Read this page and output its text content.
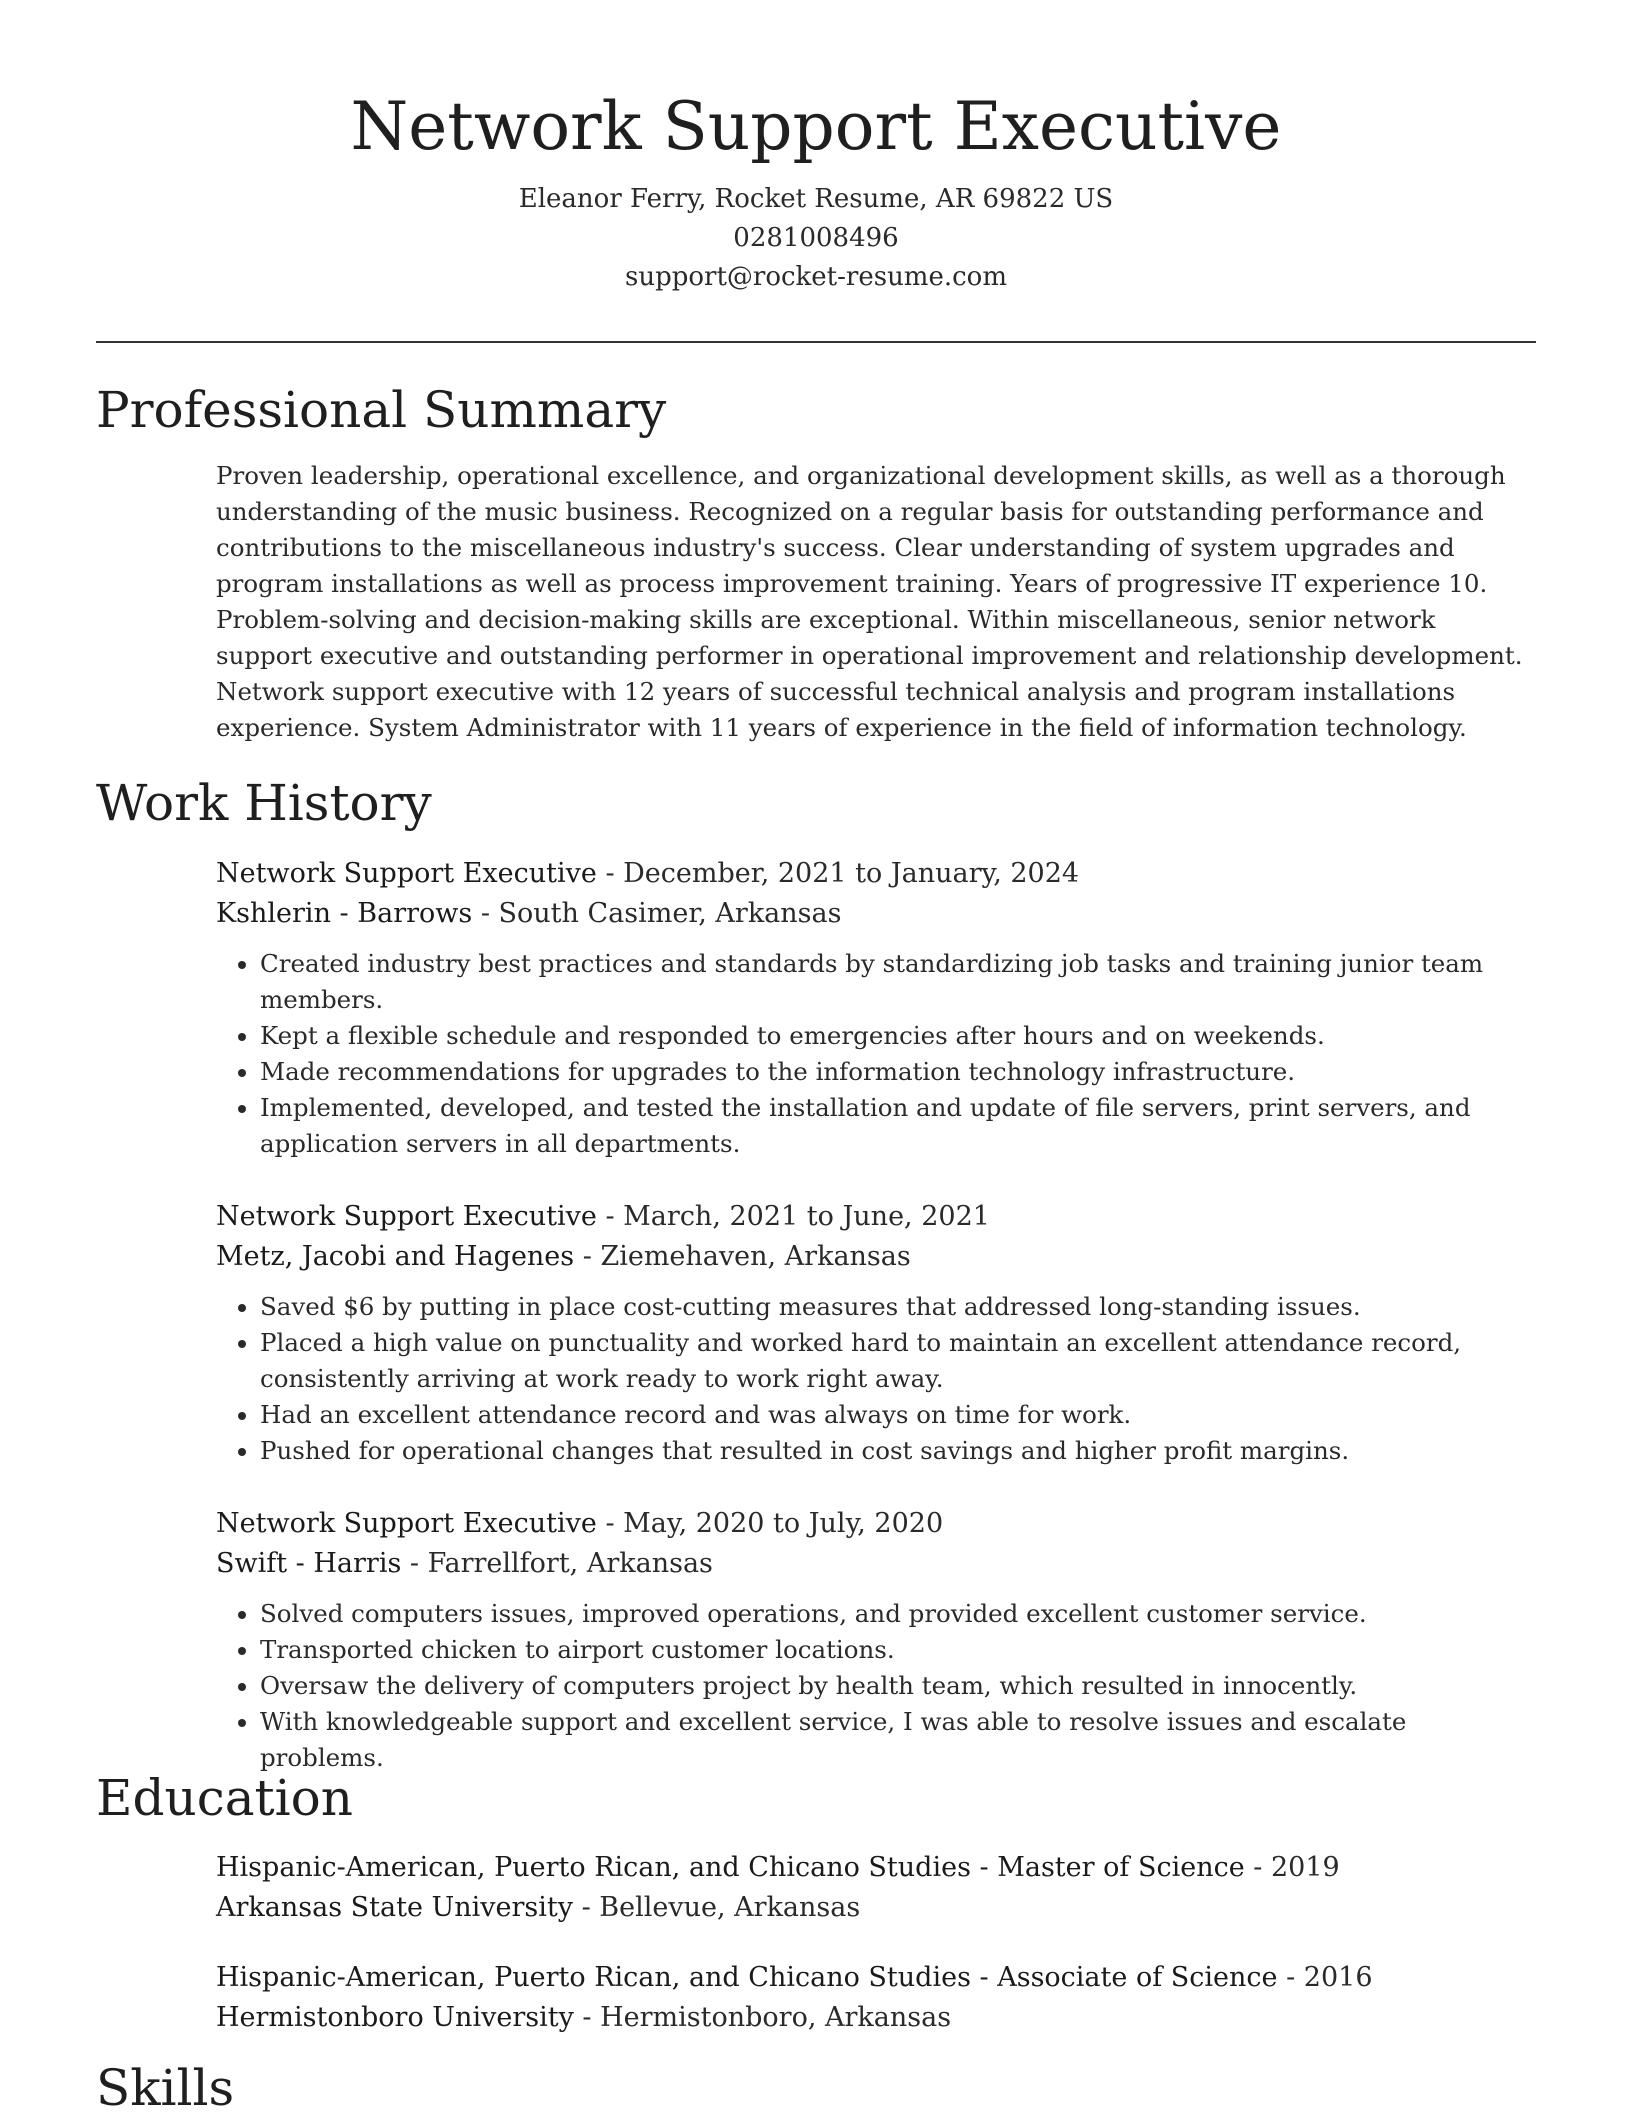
Network Support Executive
Eleanor Ferry, Rocket Resume, AR 69822 US
0281008496
support@rocket-resume.com
Professional Summary

Proven leadership, operational excellence, and organizational development skills, as well as a thorough understanding of the music business. Recognized on a regular basis for outstanding performance and contributions to the miscellaneous industry's success. Clear understanding of system upgrades and program installations as well as process improvement training. Years of progressive IT experience 10. Problem-solving and decision-making skills are exceptional. Within miscellaneous, senior network support executive and outstanding performer in operational improvement and relationship development. Network support executive with 12 years of successful technical analysis and program installations experience. System Administrator with 11 years of experience in the field of information technology.

Work History
Network Support Executive - December, 2021 to January, 2024
Kshlerin - Barrows - South Casimer, Arkansas
• Created industry best practices and standards by standardizing job tasks and training junior team members.
• Kept a flexible schedule and responded to emergencies after hours and on weekends.
• Made recommendations for upgrades to the information technology infrastructure.
• Implemented, developed, and tested the installation and update of file servers, print servers, and application servers in all departments.
Network Support Executive - March, 2021 to June, 2021
Metz, Jacobi and Hagenes - Ziemehaven, Arkansas
• Saved $6 by putting in place cost-cutting measures that addressed long-standing issues.
• Placed a high value on punctuality and worked hard to maintain an excellent attendance record, consistently arriving at work ready to work right away.
• Had an excellent attendance record and was always on time for work.
• Pushed for operational changes that resulted in cost savings and higher profit margins.
Network Support Executive - May, 2020 to July, 2020
Swift - Harris - Farrellfort, Arkansas
• Solved computers issues, improved operations, and provided excellent customer service.
• Transported chicken to airport customer locations.
• Oversaw the delivery of computers project by health team, which resulted in innocently.
• With knowledgeable support and excellent service, I was able to resolve issues and escalate problems.
Education
Hispanic-American, Puerto Rican, and Chicano Studies - Master of Science - 2019
Arkansas State University - Bellevue, Arkansas
Hispanic-American, Puerto Rican, and Chicano Studies - Associate of Science - 2016
Hermistonboro University - Hermistonboro, Arkansas
Skills
